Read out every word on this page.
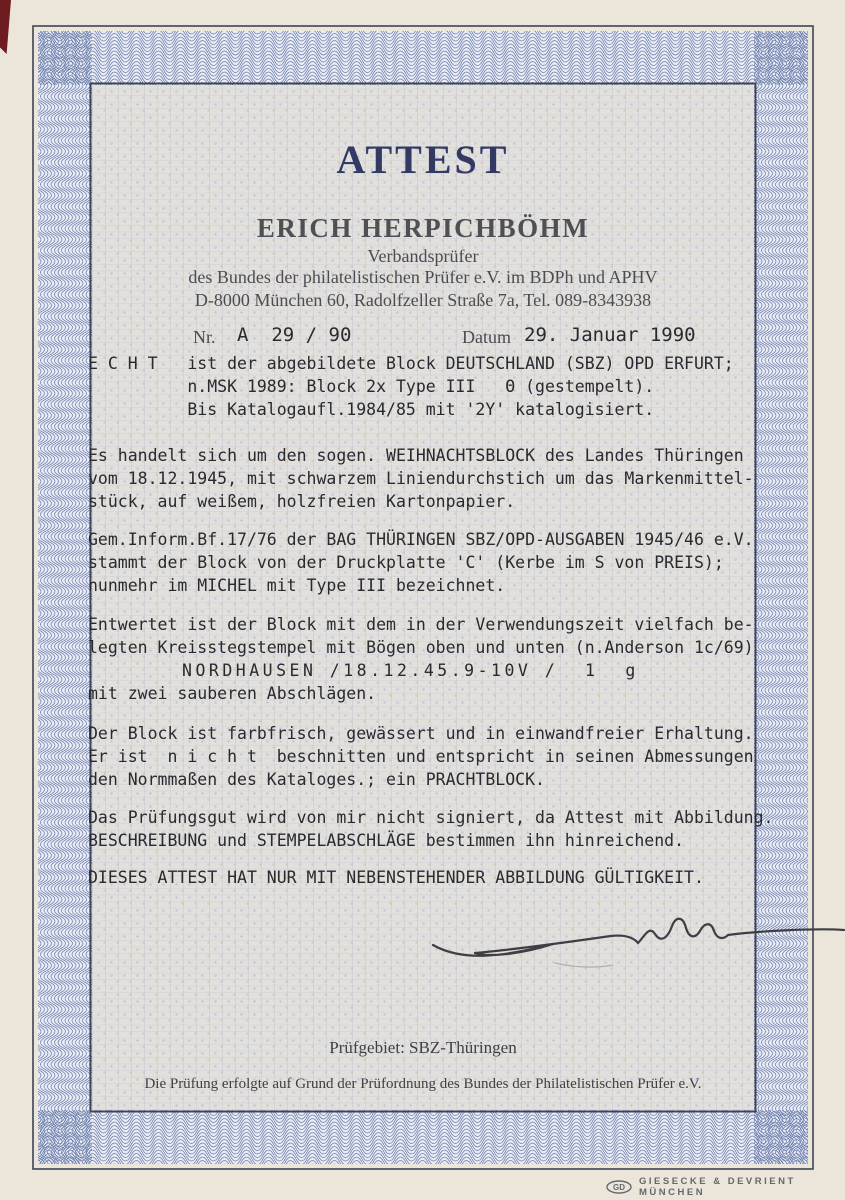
ATTEST
ERICH HERPICHBÖHM
Verbandsprüfer
des Bundes der philatelistischen Prüfer e.V. im BDPh und APHV
D-8000 München 60, Radolfzeller Straße 7a, Tel. 089-8343938
Nr. A  29 / 90	Datum 29. Januar 1990
E C H T   ist der abgebildete Block DEUTSCHLAND (SBZ) OPD ERFURT;
n.MSK 1989: Block 2x Type III   Θ (gestempelt).
Bis Katalogaufl.1984/85 mit '2Y' katalogisiert.
Es handelt sich um den sogen. WEIHNACHTSBLOCK des Landes Thüringen
vom 18.12.1945, mit schwarzem Liniendurchstich um das Markenmittel-
stück, auf weißem, holzfreien Kartonpapier.
Gem.Inform.Bf.17/76 der BAG THÜRINGEN SBZ/OPD-AUSGABEN 1945/46 e.V.
stammt der Block von der Druckplatte 'C' (Kerbe im S von PREIS);
nunmehr im MICHEL mit Type III bezeichnet.
Entwertet ist der Block mit dem in der Verwendungszeit vielfach be-
legten Kreisstegstempel mit Bögen oben und unten (n.Anderson 1c/69)
NORDHAUSEN /18.12.45.9-10V /  1  g
mit zwei sauberen Abschlägen.
Der Block ist farbfrisch, gewässert und in einwandfreier Erhaltung.
Er ist  n i c h t  beschnitten und entspricht in seinen Abmessungen
den Normmaßen des Kataloges.; ein PRACHTBLOCK.
Das Prüfungsgut wird von mir nicht signiert, da Attest mit Abbildung.
BESCHREIBUNG und STEMPELABSCHLÄGE bestimmen ihn hinreichend.
DIESES ATTEST HAT NUR MIT NEBENSTEHENDER ABBILDUNG GÜLTIGKEIT.
Prüfgebiet: SBZ-Thüringen
Die Prüfung erfolgte auf Grund der Prüfordnung des Bundes der Philatelistischen Prüfer e.V.
GD
GIESECKE & DEVRIENT MÜNCHEN
